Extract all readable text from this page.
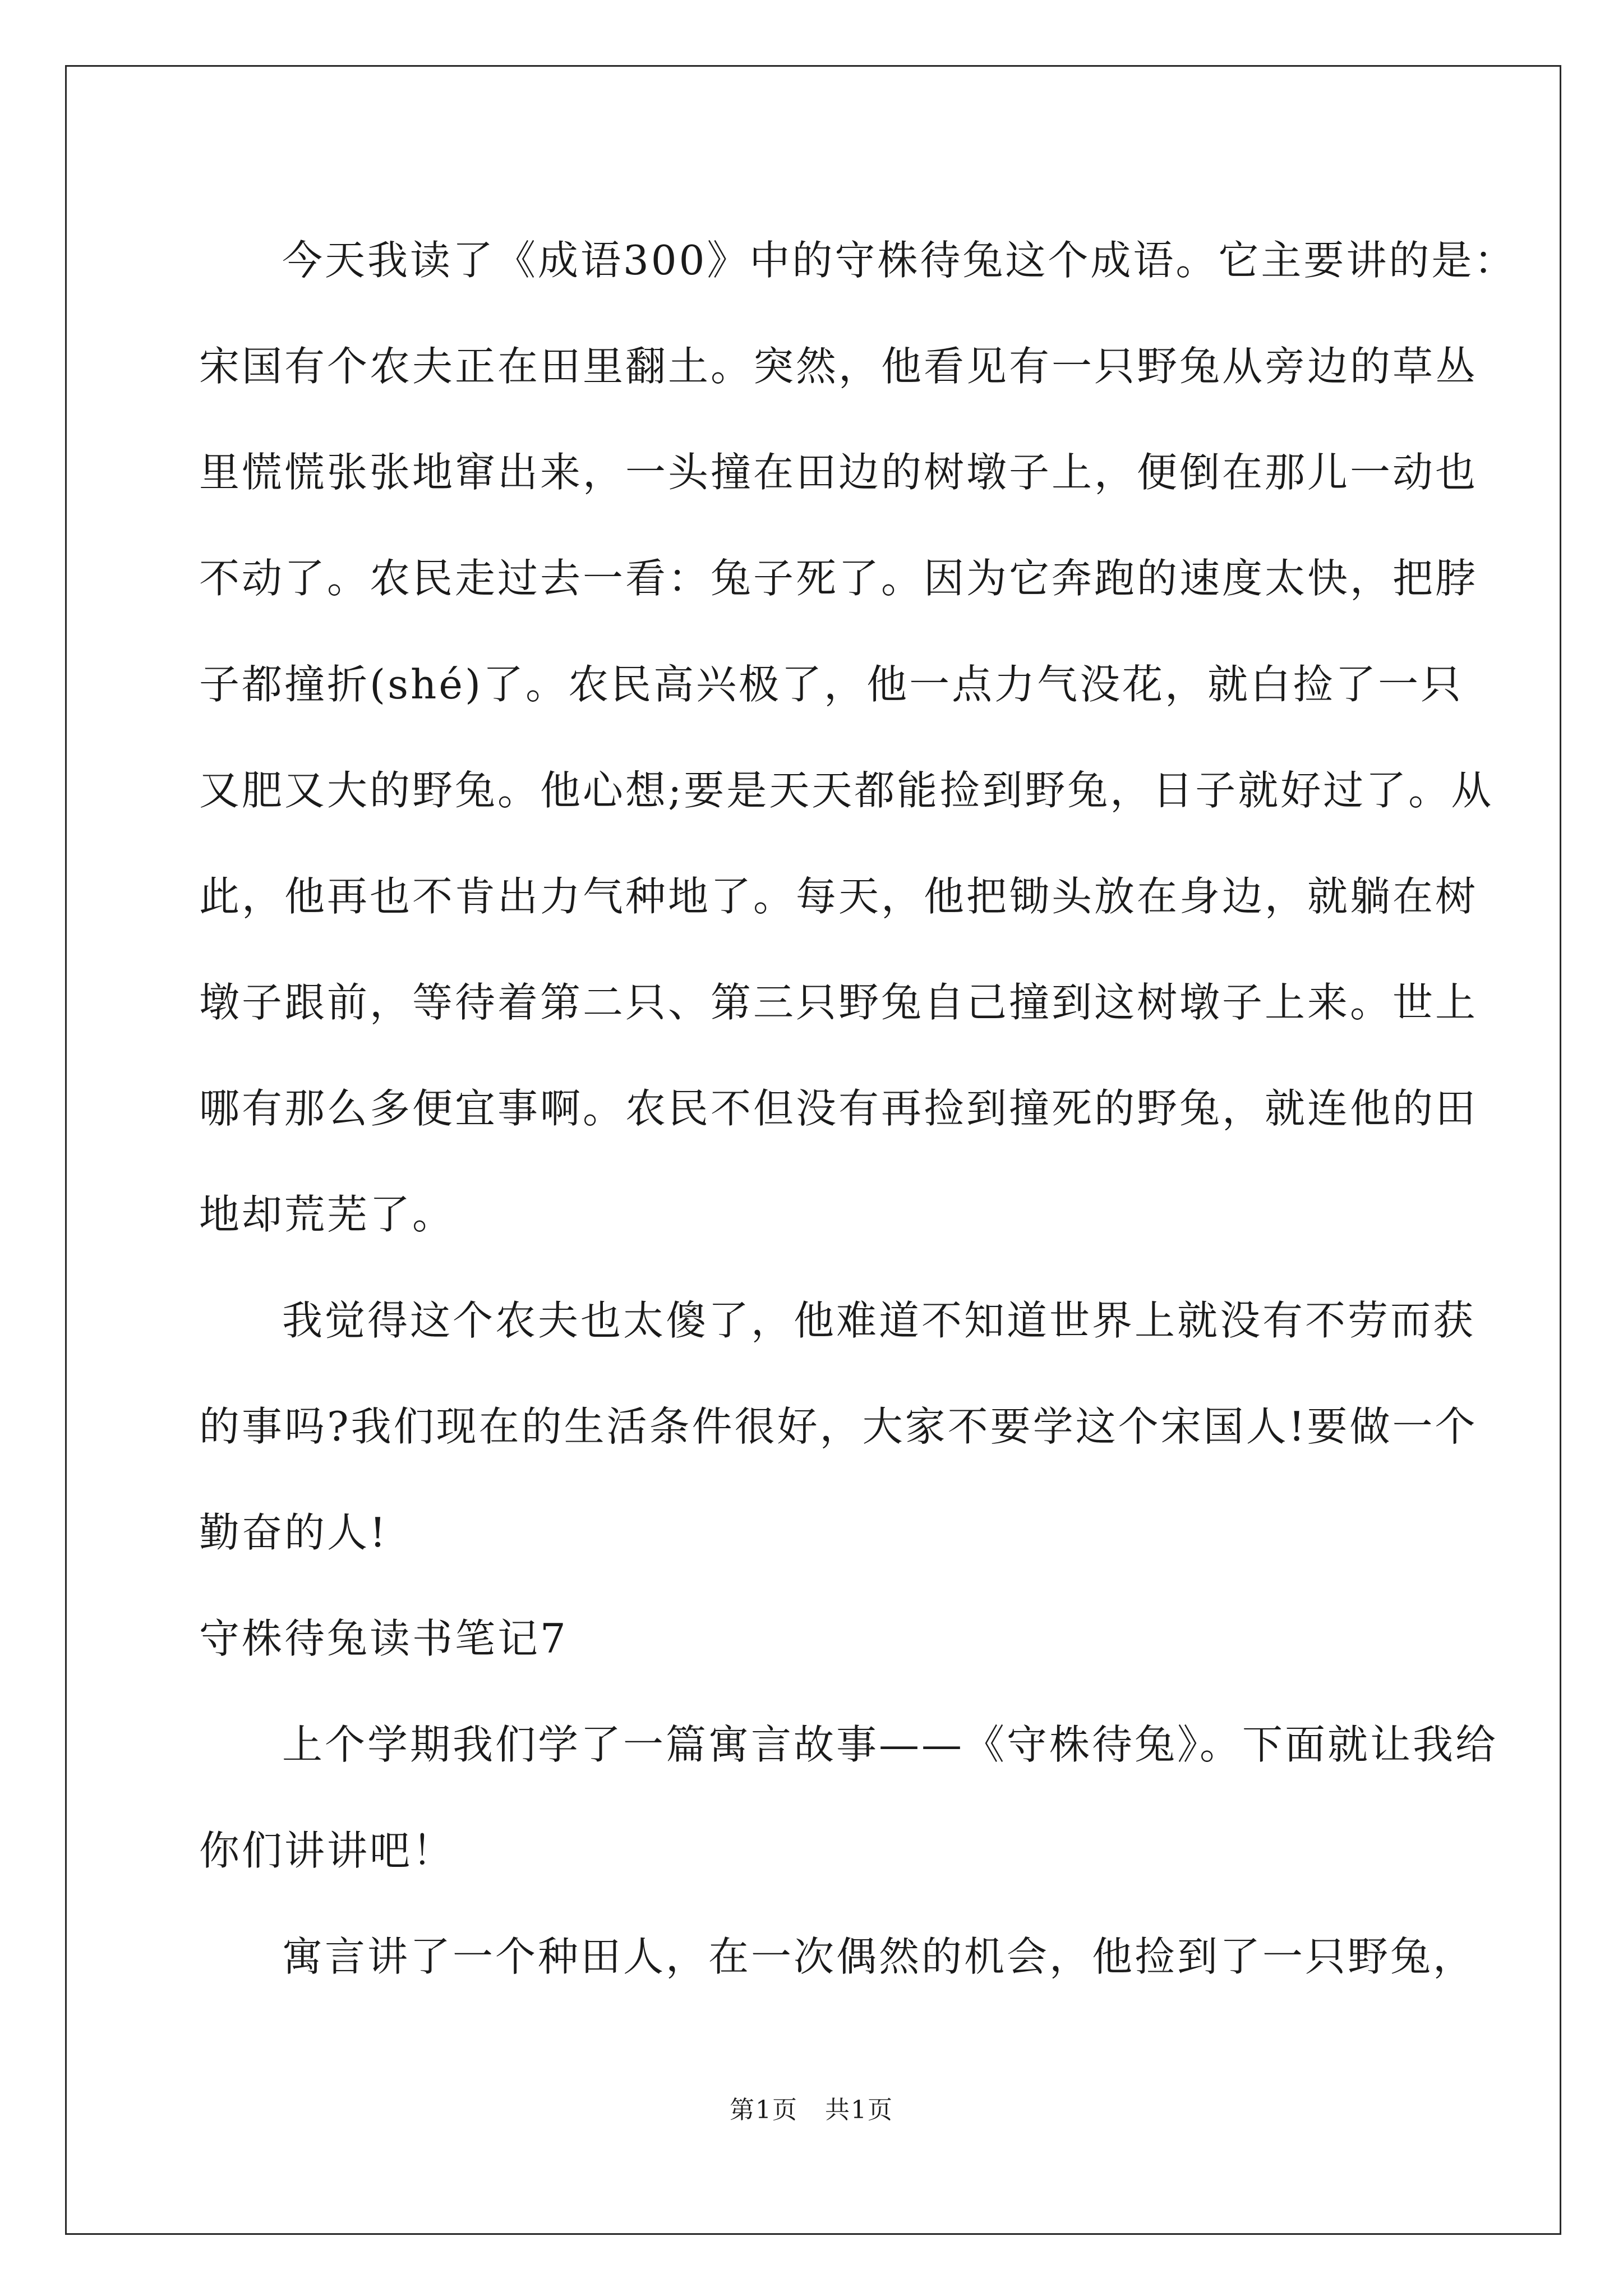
今天我读了《成语300》中的守株待兔这个成语。它主要讲的是：
宋国有个农夫正在田里翻土。突然，他看见有一只野兔从旁边的草丛
里慌慌张张地窜出来，一头撞在田边的树墩子上，便倒在那儿一动也
不动了。农民走过去一看：兔子死了。因为它奔跑的速度太快，把脖
子都撞折(shé)了。农民高兴极了，他一点力气没花，就白捡了一只
又肥又大的野兔。他心想;要是天天都能捡到野兔，日子就好过了。从
此，他再也不肯出力气种地了。每天，他把锄头放在身边，就躺在树
墩子跟前，等待着第二只、第三只野兔自己撞到这树墩子上来。世上
哪有那么多便宜事啊。农民不但没有再捡到撞死的野兔，就连他的田
地却荒芜了。
我觉得这个农夫也太傻了，他难道不知道世界上就没有不劳而获
的事吗?我们现在的生活条件很好，大家不要学这个宋国人!要做一个
勤奋的人!
守株待兔读书笔记7
上个学期我们学了一篇寓言故事——《守株待兔》。下面就让我给
你们讲讲吧！
寓言讲了一个种田人，在一次偶然的机会，他捡到了一只野兔，
第1页   共1页
